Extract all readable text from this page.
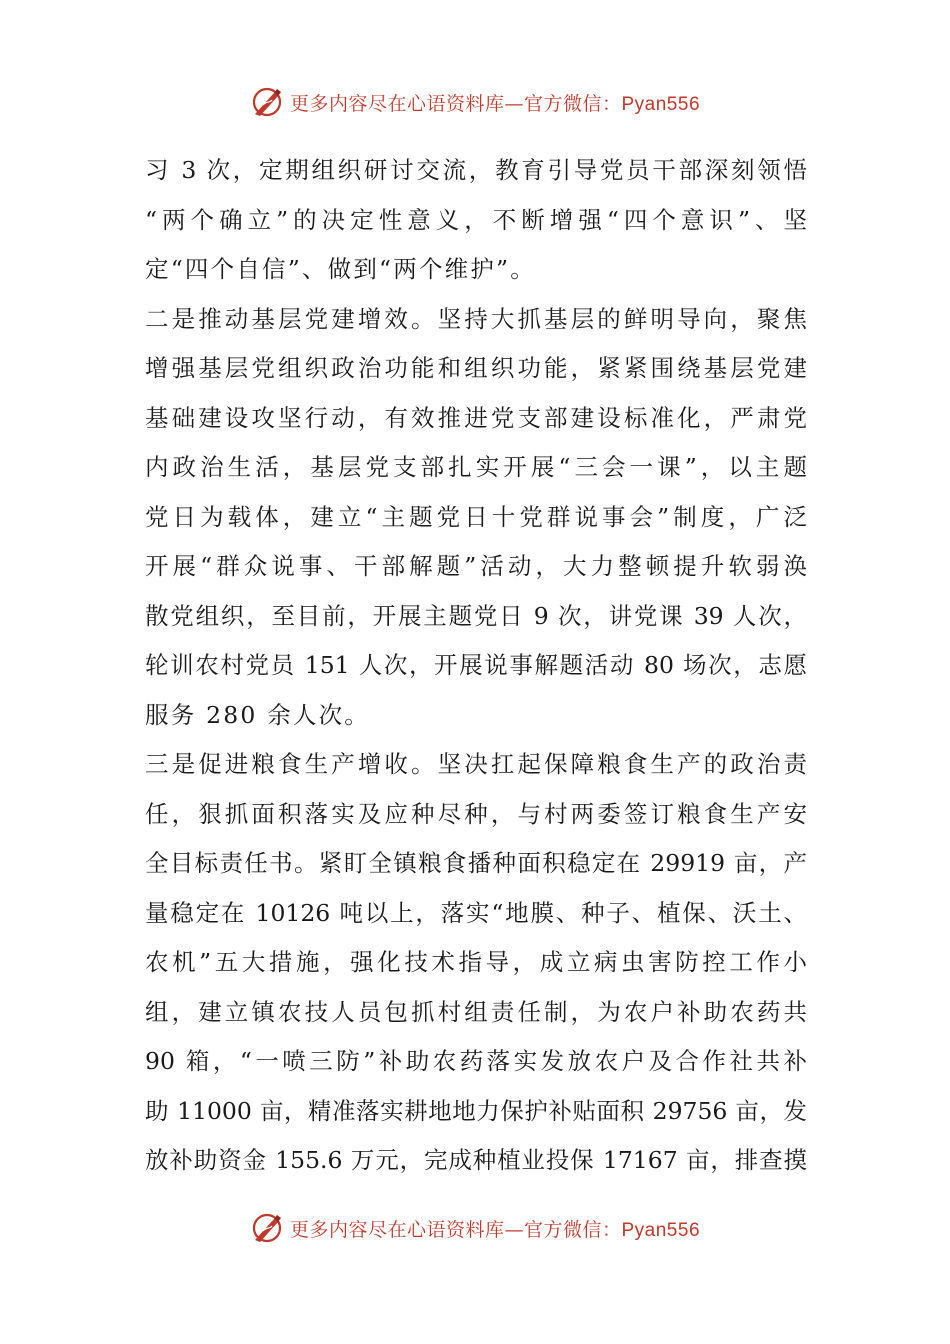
更多内容尽在心语资料库—官方微信：Pyan556
习 3 次，定期组织研讨交流，教育引导党员干部深刻领悟
“两个确立”的决定性意义，不断增强“四个意识”、坚
定“四个自信”、做到“两个维护”。
二是推动基层党建增效。坚持大抓基层的鲜明导向，聚焦
增强基层党组织政治功能和组织功能，紧紧围绕基层党建
基础建设攻坚行动，有效推进党支部建设标准化，严肃党
内政治生活，基层党支部扎实开展“三会一课”，以主题
党日为载体，建立“主题党日十党群说事会”制度，广泛
开展“群众说事、干部解题”活动，大力整顿提升软弱涣
散党组织，至目前，开展主题党日 9 次，讲党课 39 人次，
轮训农村党员 151 人次，开展说事解题活动 80 场次，志愿
服务 280 余人次。
三是促进粮食生产增收。坚决扛起保障粮食生产的政治责
任，狠抓面积落实及应种尽种，与村两委签订粮食生产安
全目标责任书。紧盯全镇粮食播种面积稳定在 29919 亩，产
量稳定在 10126 吨以上，落实“地膜、种子、植保、沃土、
农机”五大措施，强化技术指导，成立病虫害防控工作小
组，建立镇农技人员包抓村组责任制，为农户补助农药共
90 箱，“一喷三防”补助农药落实发放农户及合作社共补
助 11000 亩，精准落实耕地地力保护补贴面积 29756 亩，发
放补助资金 155.6 万元，完成种植业投保 17167 亩，排查摸
更多内容尽在心语资料库—官方微信：Pyan556
